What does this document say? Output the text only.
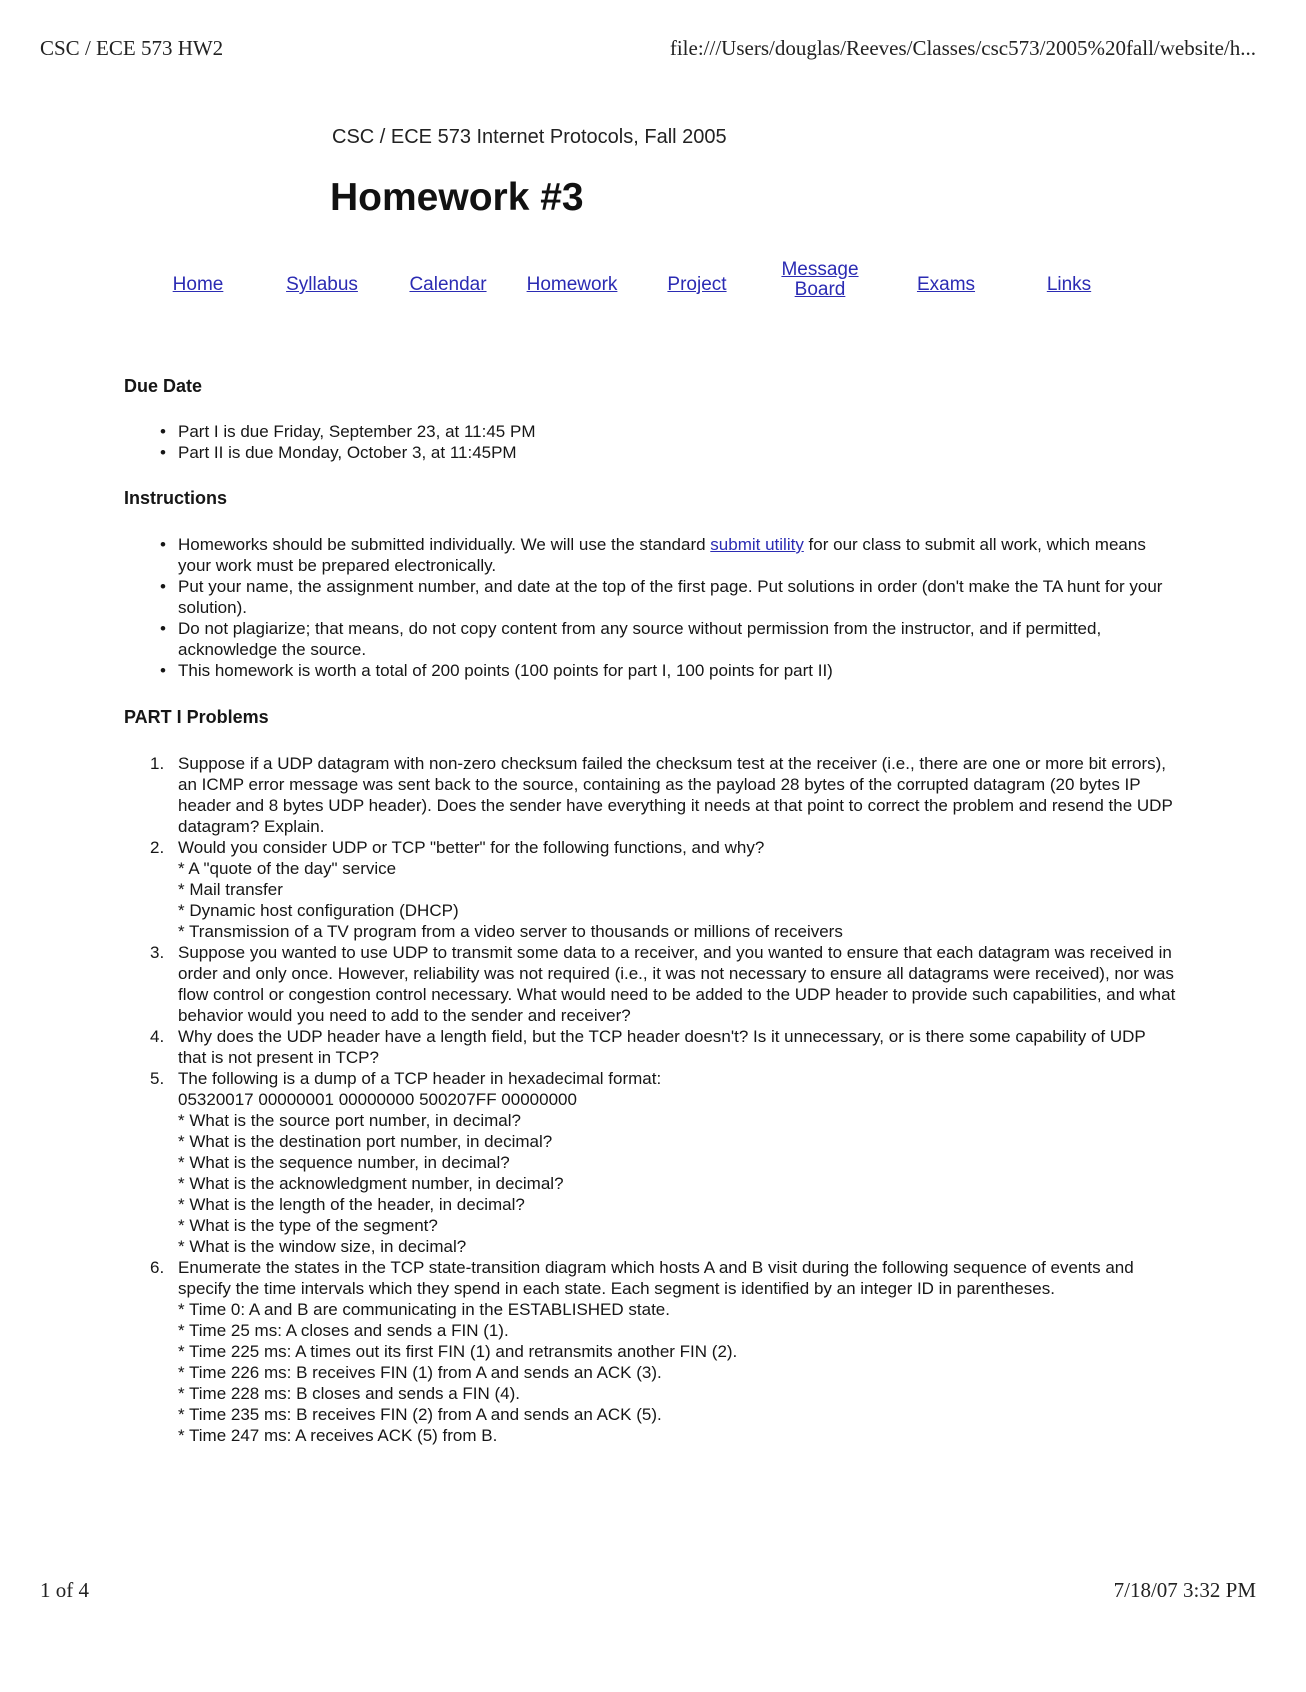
CSC / ECE 573 HW2	file:///Users/douglas/Reeves/Classes/csc573/2005%20fall/website/h...
CSC / ECE 573 Internet Protocols, Fall 2005
Homework #3
Home	Syllabus	Calendar	Homework	Project
Message
Board	Exams	Links
Due Date
• Part I is due Friday, September 23, at 11:45 PM
• Part II is due Monday, October 3, at 11:45PM
Instructions
• Homeworks should be submitted individually. We will use the standard submit utility for our class to submit all work, which means your work must be prepared electronically.
• Put your name, the assignment number, and date at the top of the first page. Put solutions in order (don't make the TA hunt for your solution).
• Do not plagiarize; that means, do not copy content from any source without permission from the instructor, and if permitted, acknowledge the source.
• This homework is worth a total of 200 points (100 points for part I, 100 points for part II)
PART I Problems
1. Suppose if a UDP datagram with non-zero checksum failed the checksum test at the receiver (i.e., there are one or more bit errors), an ICMP error message was sent back to the source, containing as the payload 28 bytes of the corrupted datagram (20 bytes IP header and 8 bytes UDP header). Does the sender have everything it needs at that point to correct the problem and resend the UDP datagram? Explain.
2. Would you consider UDP or TCP "better" for the following functions, and why?
* A "quote of the day" service
* Mail transfer
* Dynamic host configuration (DHCP)
* Transmission of a TV program from a video server to thousands or millions of receivers
3. Suppose you wanted to use UDP to transmit some data to a receiver, and you wanted to ensure that each datagram was received in order and only once. However, reliability was not required (i.e., it was not necessary to ensure all datagrams were received), nor was flow control or congestion control necessary. What would need to be added to the UDP header to provide such capabilities, and what behavior would you need to add to the sender and receiver?
4. Why does the UDP header have a length field, but the TCP header doesn't? Is it unnecessary, or is there some capability of UDP that is not present in TCP?
5. The following is a dump of a TCP header in hexadecimal format:
05320017 00000001 00000000 500207FF 00000000
* What is the source port number, in decimal?
* What is the destination port number, in decimal?
* What is the sequence number, in decimal?
* What is the acknowledgment number, in decimal?
* What is the length of the header, in decimal?
* What is the type of the segment?
* What is the window size, in decimal?
6. Enumerate the states in the TCP state-transition diagram which hosts A and B visit during the following sequence of events and specify the time intervals which they spend in each state. Each segment is identified by an integer ID in parentheses.
* Time 0: A and B are communicating in the ESTABLISHED state.
* Time 25 ms: A closes and sends a FIN (1).
* Time 225 ms: A times out its first FIN (1) and retransmits another FIN (2).
* Time 226 ms: B receives FIN (1) from A and sends an ACK (3).
* Time 228 ms: B closes and sends a FIN (4).
* Time 235 ms: B receives FIN (2) from A and sends an ACK (5).
* Time 247 ms: A receives ACK (5) from B.
1 of 4	7/18/07 3:32 PM
